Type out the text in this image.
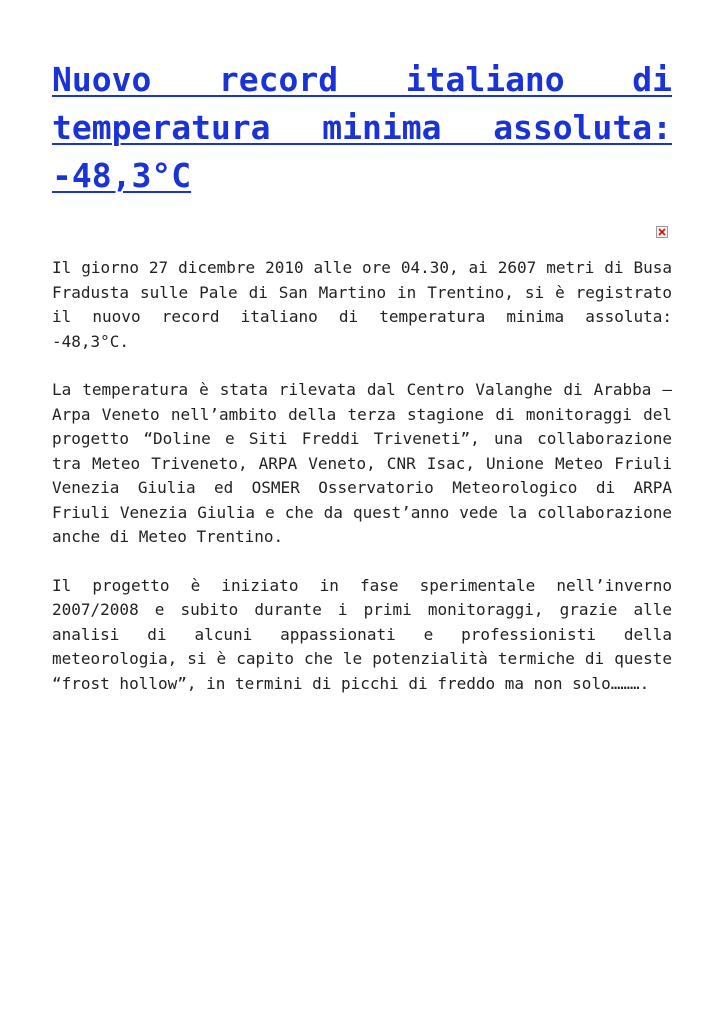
Nuovo record italiano di temperatura minima assoluta: -48,3°C

Il giorno 27 dicembre 2010 alle ore 04.30, ai 2607 metri di Busa Fradusta sulle Pale di San Martino in Trentino, si è registrato il nuovo record italiano di temperatura minima assoluta: -48,3°C.

La temperatura è stata rilevata dal Centro Valanghe di Arabba – Arpa Veneto nell’ambito della terza stagione di monitoraggi del progetto “Doline e Siti Freddi Triveneti”, una collaborazione tra Meteo Triveneto, ARPA Veneto, CNR Isac, Unione Meteo Friuli Venezia Giulia ed OSMER Osservatorio Meteorologico di ARPA Friuli Venezia Giulia e che da quest’anno vede la collaborazione anche di Meteo Trentino.

Il progetto è iniziato in fase sperimentale nell’inverno 2007/2008 e subito durante i primi monitoraggi, grazie alle analisi di alcuni appassionati e professionisti della meteorologia, si è capito che le potenzialità termiche di queste “frost hollow”, in termini di picchi di freddo ma non solo……….
